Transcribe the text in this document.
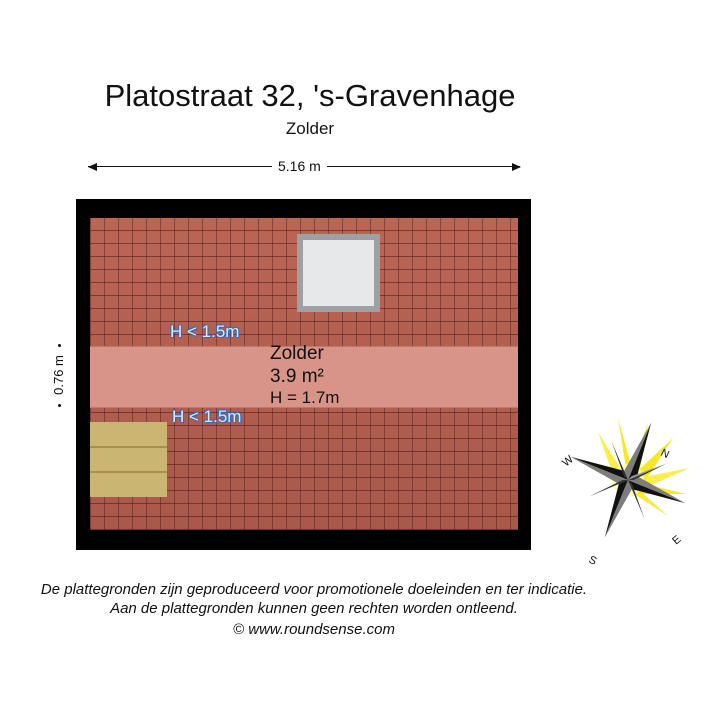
Platostraat 32, 's-Gravenhage
Zolder
5.16 m
0.76 m
Zolder
3.9 m²
H = 1.7m
H < 1.5m
H < 1.5m
W	N
E
S
De plattegronden zijn geproduceerd voor promotionele doeleinden en ter indicatie.
Aan de plattegronden kunnen geen rechten worden ontleend.
© www.roundsense.com
